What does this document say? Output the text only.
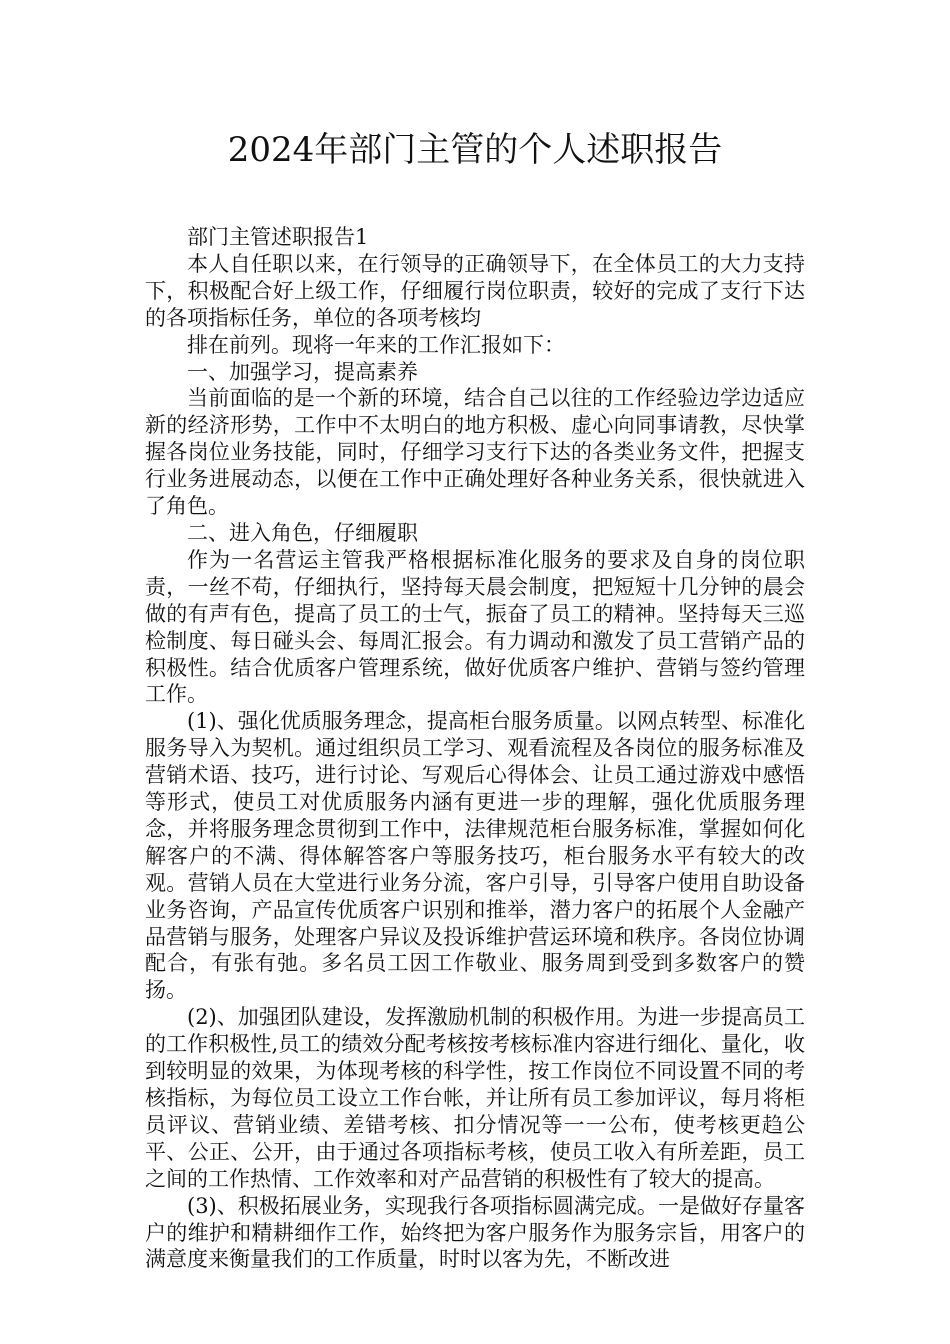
2024年部门主管的个人述职报告

部门主管述职报告1

本人自任职以来，在行领导的正确领导下，在全体员工的大力支持下，积极配合好上级工作，仔细履行岗位职责，较好的完成了支行下达的各项指标任务，单位的各项考核均

排在前列。现将一年来的工作汇报如下：

一、加强学习，提高素养

当前面临的是一个新的环境，结合自己以往的工作经验边学边适应新的经济形势，工作中不太明白的地方积极、虚心向同事请教，尽快掌握各岗位业务技能，同时，仔细学习支行下达的各类业务文件，把握支行业务进展动态，以便在工作中正确处理好各种业务关系，很快就进入了角色。

二、进入角色，仔细履职

作为一名营运主管我严格根据标准化服务的要求及自身的岗位职责，一丝不苟，仔细执行，坚持每天晨会制度，把短短十几分钟的晨会做的有声有色，提高了员工的士气，振奋了员工的精神。坚持每天三巡检制度、每日碰头会、每周汇报会。有力调动和激发了员工营销产品的积极性。结合优质客户管理系统，做好优质客户维护、营销与签约管理工作。

(1)、强化优质服务理念，提高柜台服务质量。以网点转型、标准化服务导入为契机。通过组织员工学习、观看流程及各岗位的服务标准及营销术语、技巧，进行讨论、写观后心得体会、让员工通过游戏中感悟等形式，使员工对优质服务内涵有更进一步的理解，强化优质服务理念，并将服务理念贯彻到工作中，法律规范柜台服务标准，掌握如何化解客户的不满、得体解答客户等服务技巧，柜台服务水平有较大的改观。营销人员在大堂进行业务分流，客户引导，引导客户使用自助设备业务咨询，产品宣传优质客户识别和推举，潜力客户的拓展个人金融产品营销与服务，处理客户异议及投诉维护营运环境和秩序。各岗位协调配合，有张有弛。多名员工因工作敬业、服务周到受到多数客户的赞扬。

(2)、加强团队建设，发挥激励机制的积极作用。为进一步提高员工的工作积极性,员工的绩效分配考核按考核标准内容进行细化、量化，收到较明显的效果，为体现考核的科学性，按工作岗位不同设置不同的考核指标，为每位员工设立工作台帐，并让所有员工参加评议，每月将柜员评议、营销业绩、差错考核、扣分情况等一一公布，使考核更趋公平、公正、公开，由于通过各项指标考核，使员工收入有所差距，员工之间的工作热情、工作效率和对产品营销的积极性有了较大的提高。

(3)、积极拓展业务，实现我行各项指标圆满完成。一是做好存量客户的维护和精耕细作工作，始终把为客户服务作为服务宗旨，用客户的满意度来衡量我们的工作质量，时时以客为先，不断改进
